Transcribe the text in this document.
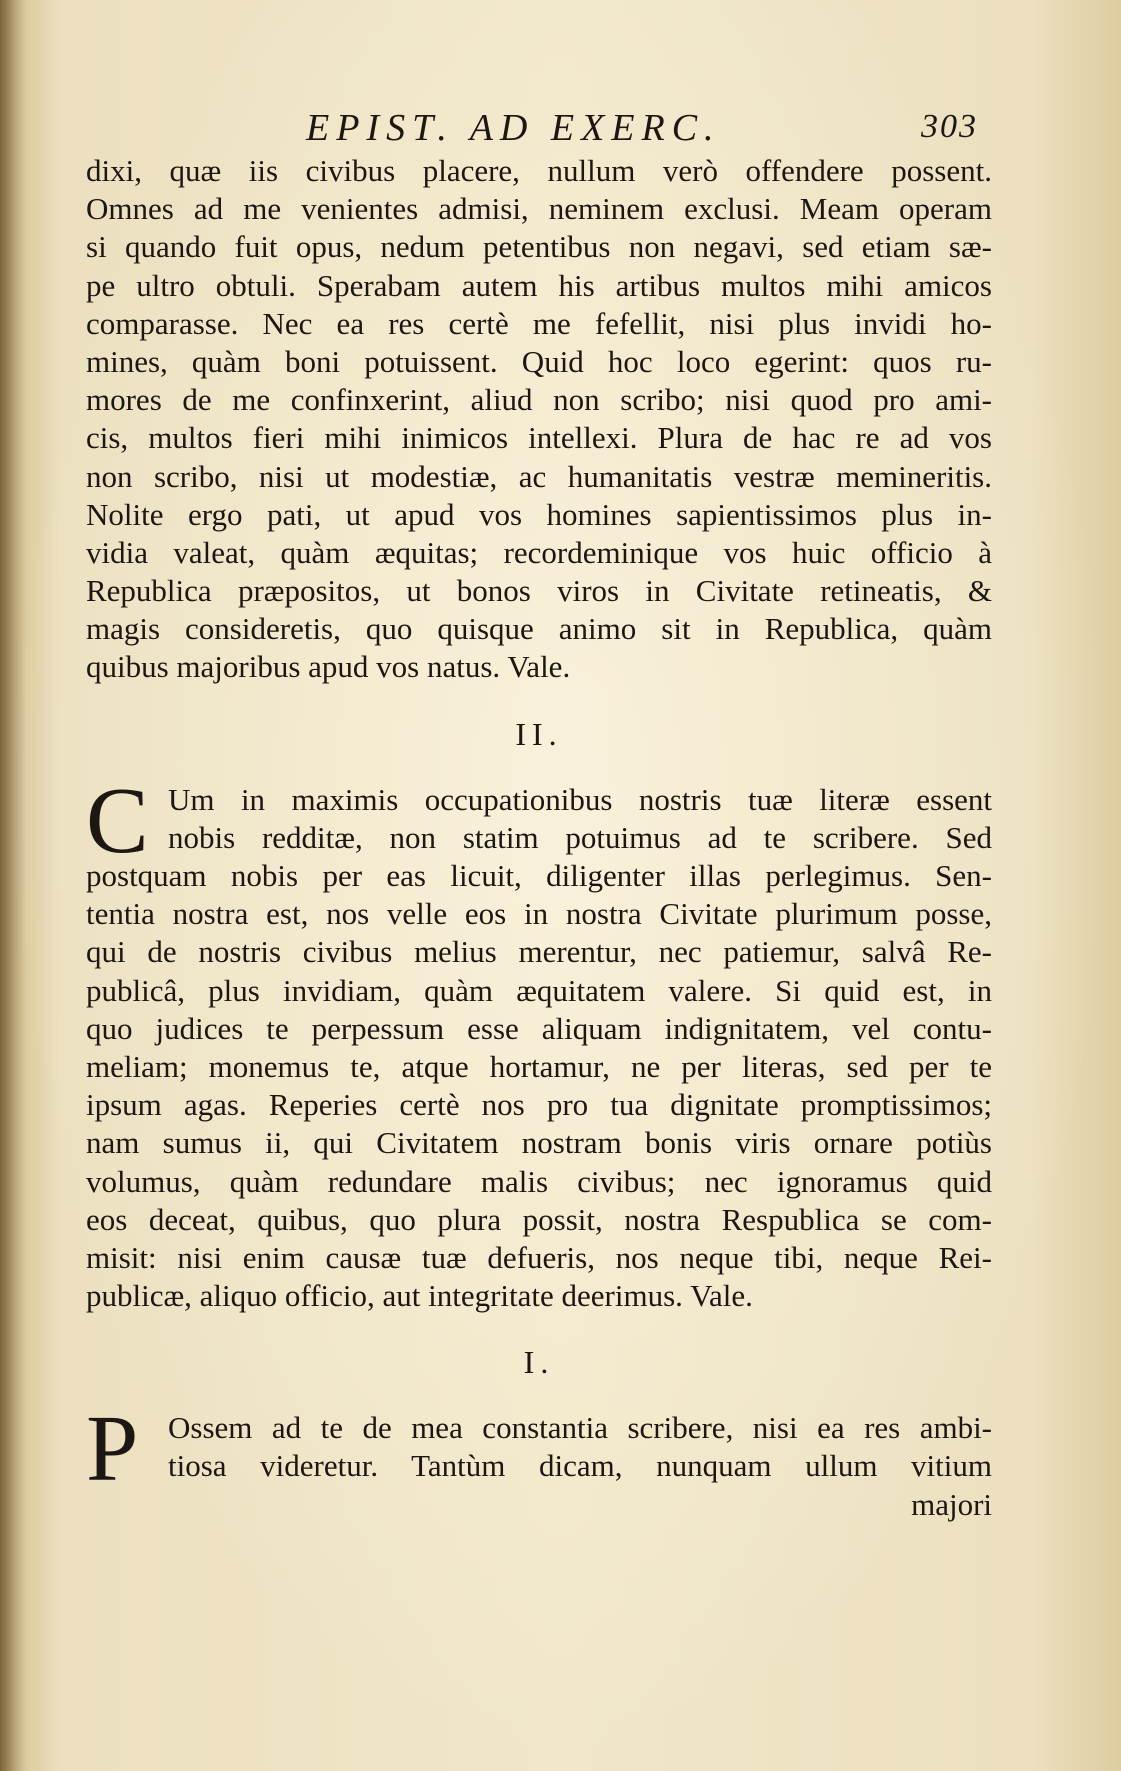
EPIST. AD EXERC.	303
dixi, quæ iis civibus placere, nullum verò offendere possent.
Omnes ad me venientes admisi, neminem exclusi. Meam operam
si quando fuit opus, nedum petentibus non negavi, sed etiam sæ-
pe ultro obtuli. Sperabam autem his artibus multos mihi amicos
comparasse. Nec ea res certè me fefellit, nisi plus invidi ho-
mines, quàm boni potuissent. Quid hoc loco egerint: quos ru-
mores de me confinxerint, aliud non scribo; nisi quod pro ami-
cis, multos fieri mihi inimicos intellexi. Plura de hac re ad vos
non scribo, nisi ut modestiæ, ac humanitatis vestræ memineritis.
Nolite ergo pati, ut apud vos homines sapientissimos plus in-
vidia valeat, quàm æquitas; recordeminique vos huic officio à
Republica præpositos, ut bonos viros in Civitate retineatis, &
magis consideretis, quo quisque animo sit in Republica, quàm
quibus majoribus apud vos natus. Vale.
II.
C Um in maximis occupationibus nostris tuæ literæ essent
nobis redditæ, non statim potuimus ad te scribere. Sed
postquam nobis per eas licuit, diligenter illas perlegimus. Sen-
tentia nostra est, nos velle eos in nostra Civitate plurimum posse,
qui de nostris civibus melius merentur, nec patiemur, salvâ Re-
publicâ, plus invidiam, quàm æquitatem valere. Si quid est, in
quo judices te perpessum esse aliquam indignitatem, vel contu-
meliam; monemus te, atque hortamur, ne per literas, sed per te
ipsum agas. Reperies certè nos pro tua dignitate promptissimos;
nam sumus ii, qui Civitatem nostram bonis viris ornare potiùs
volumus, quàm redundare malis civibus; nec ignoramus quid
eos deceat, quibus, quo plura possit, nostra Respublica se com-
misit: nisi enim causæ tuæ defueris, nos neque tibi, neque Rei-
publicæ, aliquo officio, aut integritate deerimus. Vale.
I.
P Ossem ad te de mea constantia scribere, nisi ea res ambi-
tiosa videretur. Tantùm dicam, nunquam ullum vitium
majori
